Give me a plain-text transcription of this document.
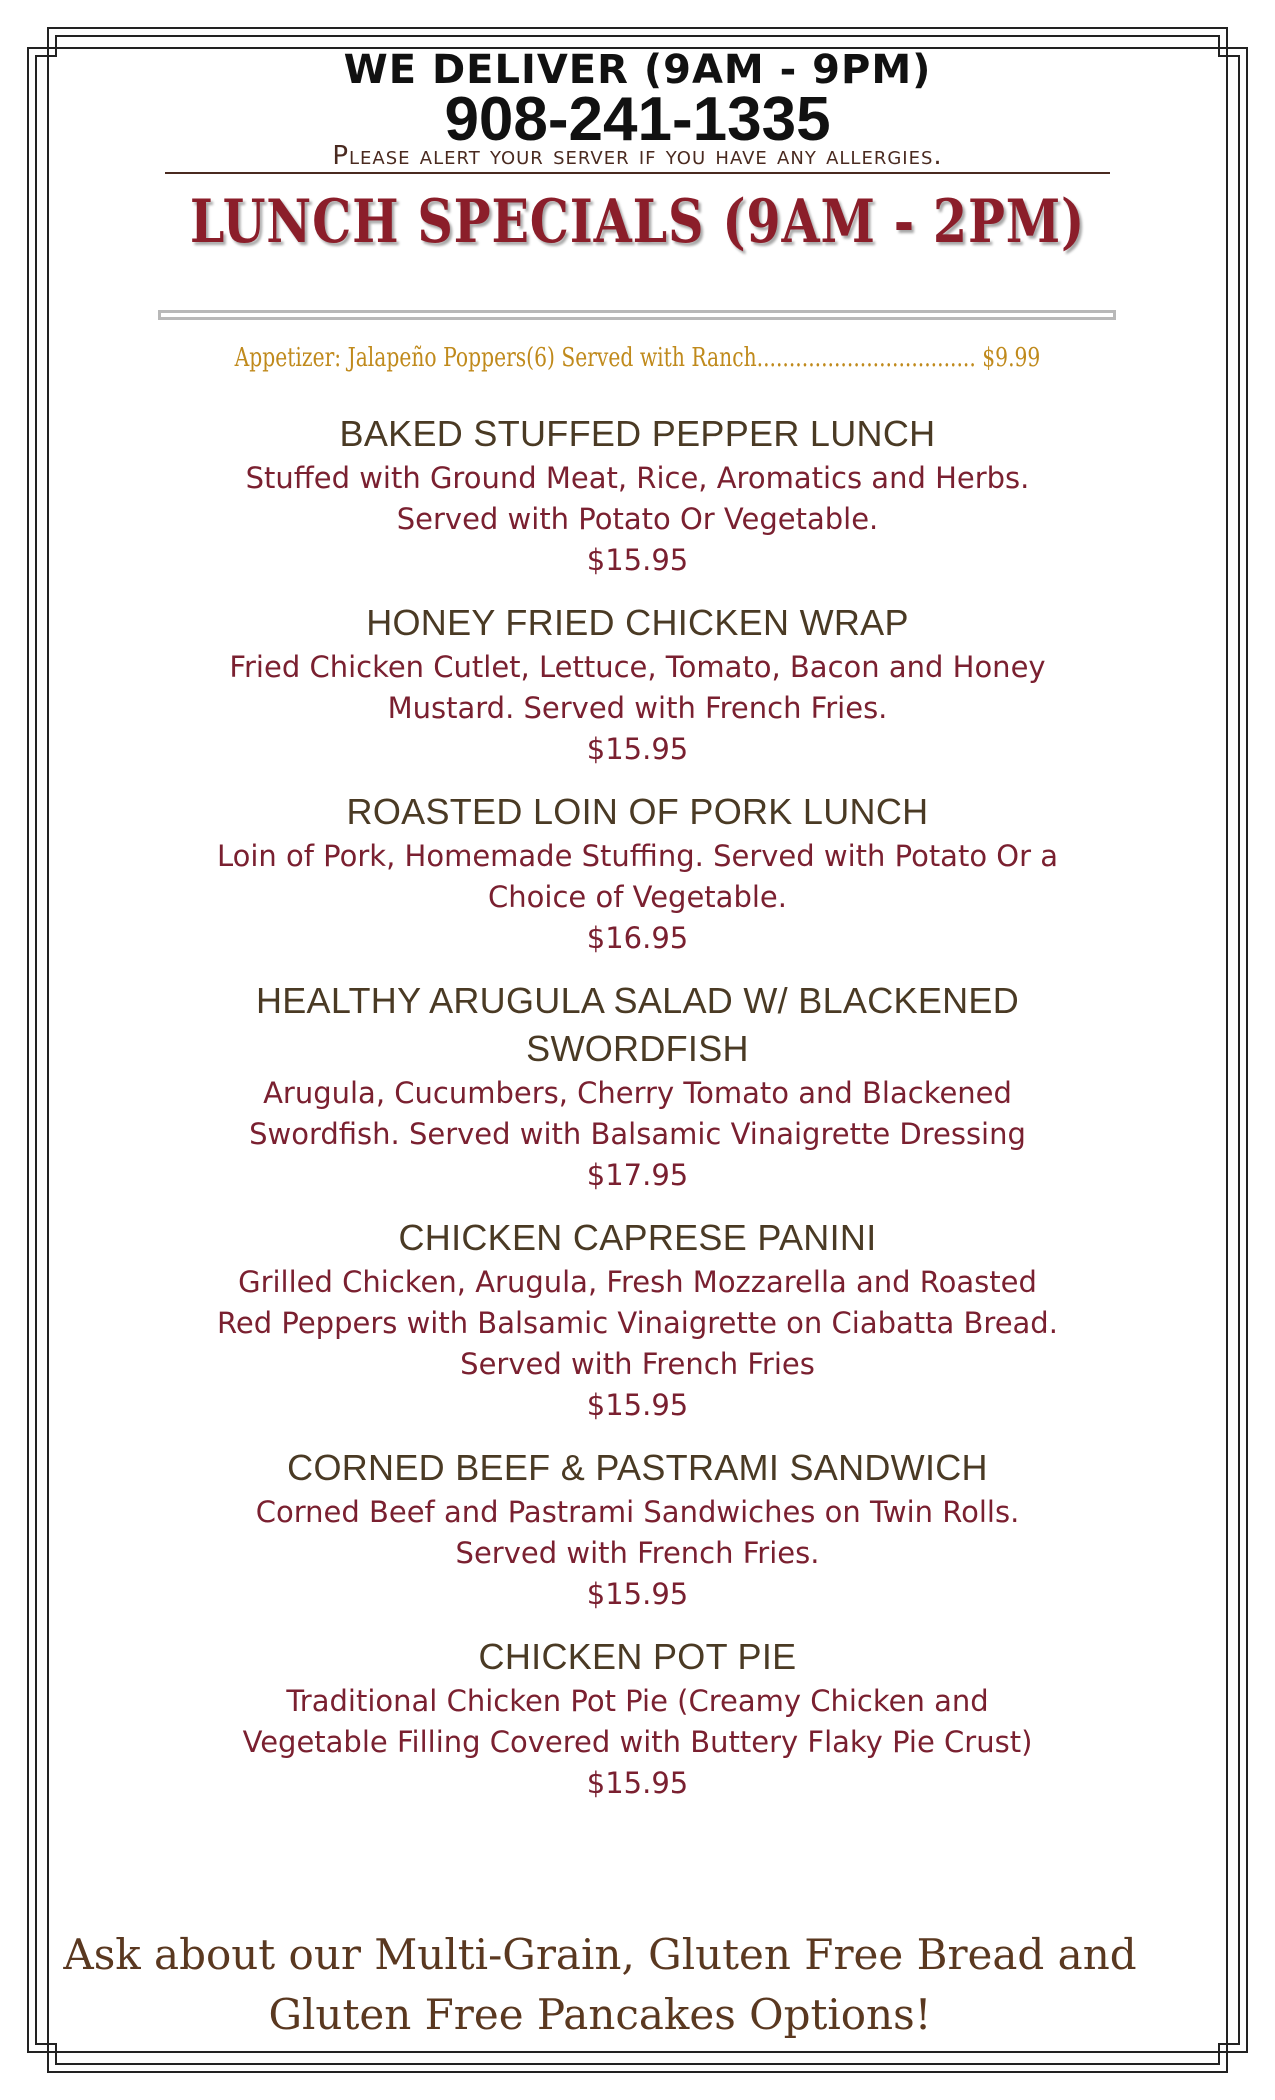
WE DELIVER (9AM - 9PM)
908-241-1335
Please alert your server if you have any allergies.
LUNCH SPECIALS (9AM - 2PM)
Appetizer: Jalapeño Poppers(6) Served with Ranch.................................. $9.99
BAKED STUFFED PEPPER LUNCH
Stuffed with Ground Meat, Rice, Aromatics and Herbs.
Served with Potato Or Vegetable.
$15.95
HONEY FRIED CHICKEN WRAP
Fried Chicken Cutlet, Lettuce, Tomato, Bacon and Honey
Mustard. Served with French Fries.
$15.95
ROASTED LOIN OF PORK LUNCH
Loin of Pork, Homemade Stuffing. Served with Potato Or a
Choice of Vegetable.
$16.95
HEALTHY ARUGULA SALAD W/ BLACKENED SWORDFISH
Arugula, Cucumbers, Cherry Tomato and Blackened
Swordfish. Served with Balsamic Vinaigrette Dressing
$17.95
CHICKEN CAPRESE PANINI
Grilled Chicken, Arugula, Fresh Mozzarella and Roasted
Red Peppers with Balsamic Vinaigrette on Ciabatta Bread.
Served with French Fries
$15.95
CORNED BEEF & PASTRAMI SANDWICH
Corned Beef and Pastrami Sandwiches on Twin Rolls.
Served with French Fries.
$15.95
CHICKEN POT PIE
Traditional Chicken Pot Pie (Creamy Chicken and
Vegetable Filling Covered with Buttery Flaky Pie Crust)
$15.95
Ask about our Multi-Grain, Gluten Free Bread and
Gluten Free Pancakes Options!
